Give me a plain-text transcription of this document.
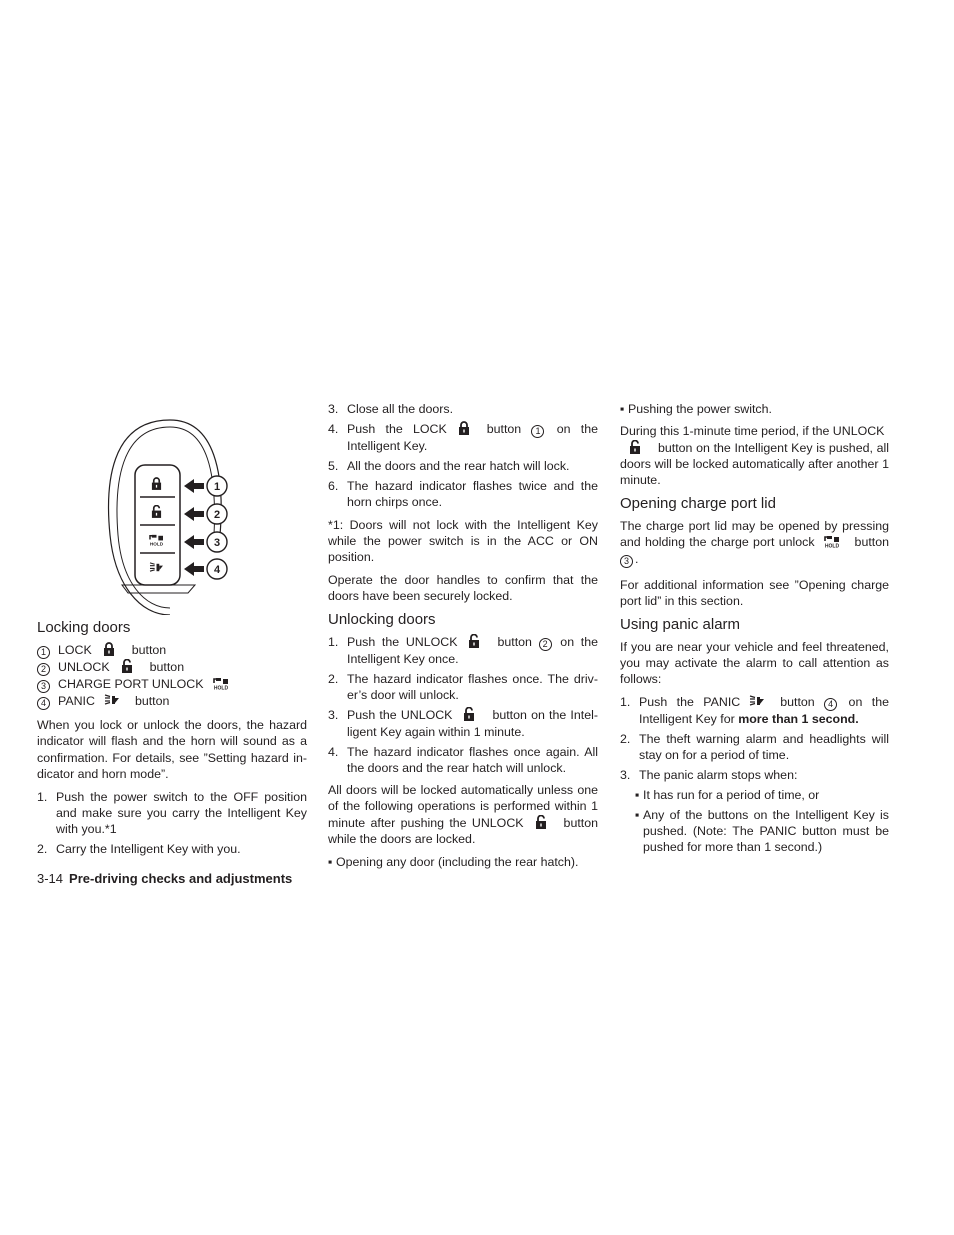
1
2
3
4
Locking doors
1 LOCK	button
2 UNLOCK	button
3 CHARGE PORT UNLOCK
4 PANIC	button

When you lock or unlock the doors, the hazard indicator will flash and the horn will sound as a confirmation. For details, see ”Setting hazard in-dicator and horn mode”.

1. Push the power switch to the OFF position and make sure you carry the Intelligent Key with you.*1
2. Carry the Intelligent Key with you.
3. Close all the doors.
4. Push the LOCK	button 1 on the Intelligent Key.
5. All the doors and the rear hatch will lock.
6. The hazard indicator flashes twice and the horn chirps once.

*1: Doors will not lock with the Intelligent Key while the power switch is in the ACC or ON position.

Operate the door handles to confirm that the doors have been securely locked.

Unlocking doors
1. Push the UNLOCK	button 2 on the Intelligent Key once.
2. The hazard indicator flashes once. The driv-er’s door will unlock.
3. Push the UNLOCK	button on the Intel-ligent Key again within 1 minute.
4. The hazard indicator flashes once again. All the doors and the rear hatch will unlock.

All doors will be locked automatically unless one of the following operations is performed within 1 minute after pushing the UNLOCK	button while the doors are locked.

▪ Opening any door (including the rear hatch).
▪ Pushing the power switch.

During this 1-minute time period, if the UNLOCK
button on the Intelligent Key is pushed, all doors will be locked automatically after another 1 minute.

Opening charge port lid

The charge port lid may be opened by pressing and holding the charge port unlock	button 3 .

For additional information see ”Opening charge port lid” in this section.

Using panic alarm

If you are near your vehicle and feel threatened, you may activate the alarm to call attention as follows:

1. Push the PANIC	button 4 on the Intelligent Key for more than 1 second.
2. The theft warning alarm and headlights will stay on for a period of time.
3. The panic alarm stops when:
▪ It has run for a period of time, or
▪ Any of the buttons on the Intelligent Key is pushed. (Note: The PANIC button must be pushed for more than 1 second.)
3-14 Pre-driving checks and adjustments
